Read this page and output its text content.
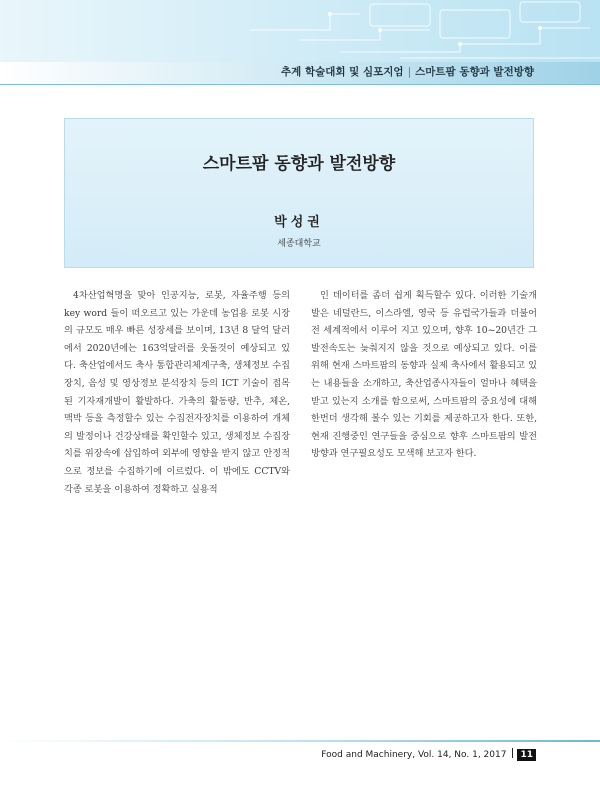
추계 학술대회 및 심포지엄 | 스마트팜 동향과 발전방향
스마트팜 동향과 발전방향
박성권
세종대학교
4차산업혁명을 맞아 인공지능, 로봇, 자율주행 등의 key word 들이 떠오르고 있는 가운데 농업용 로봇 시장의 규모도 매우 빠른 성장세를 보이며, 13년 8 달억 달러에서 2020년에는 163억달러를 웃돌것이 예상되고 있다. 축산업에서도 축사 통합관리체계구축, 생체정보 수집장치, 음성 및 영상정보 분석장치 등의 ICT 기술이 접목된 기자재개발이 활발하다. 가축의 활동량, 반추, 체온, 맥박 등을 측정할수 있는 수집전자장치를 이용하여 개체의 발정이나 건강상태를 확인할수 있고, 생체정보 수집장치를 위장속에 삽입하여 외부에 영향을 받지 않고 안정적으로 정보를 수집하기에 이르렀다. 이 밖에도 CCTV와 각종 로봇을 이용하여 정확하고 실용적
인 데이터를 좀더 쉽게 획득할수 있다. 이러한 기술개발은 네덜란드, 이스라엘, 영국 등 유럽국가들과 더불어 전 세계적에서 이루어 지고 있으며, 향후 10~20년간 그 발전속도는 늦춰지지 않을 것으로 예상되고 있다. 이를 위해 현재 스마트팜의 동향과 실제 축사에서 활용되고 있는 내용들을 소개하고, 축산업종사자들이 얼마나 혜택을 받고 있는지 소개를 함으로써, 스마트팜의 중요성에 대해 한번더 생각해 볼수 있는 기회를 제공하고자 한다. 또한, 현재 진행중인 연구들을 중심으로 향후 스마트팜의 발전방향과 연구필요성도 모색해 보고자 한다.
Food and Machinery, Vol. 14, No. 1, 2017 11
